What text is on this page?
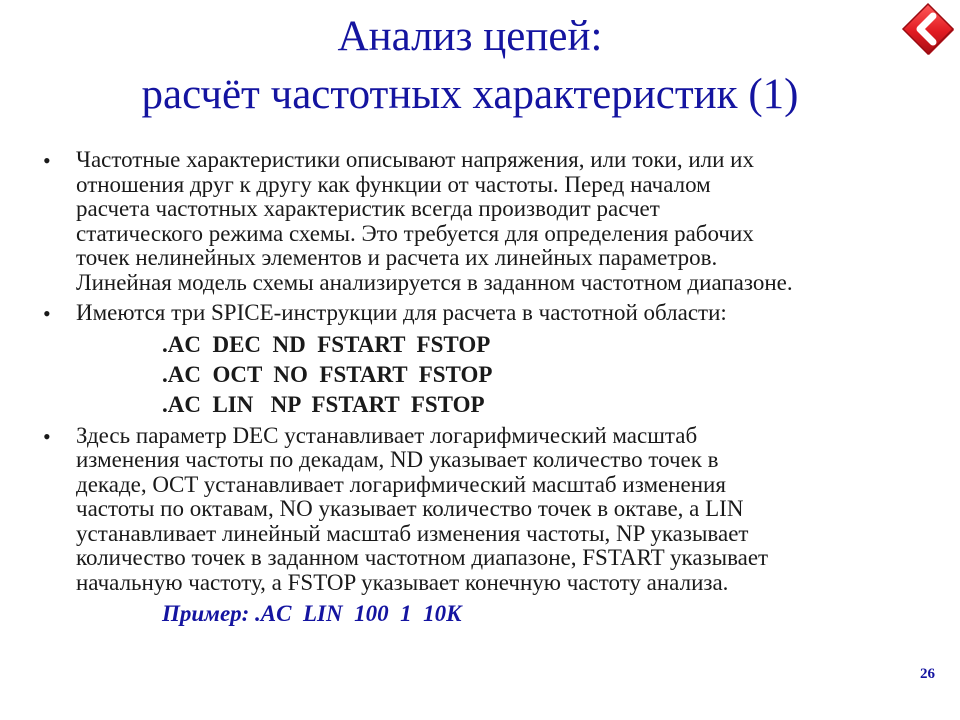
Анализ цепей:
расчёт частотных характеристик (1)
• Частотные характеристики описывают напряжения, или токи, или их
отношения друг к другу как функции от частоты. Перед началом
расчета частотных характеристик всегда производит расчет
статического режима схемы. Это требуется для определения рабочих
точек нелинейных элементов и расчета их линейных параметров.
Линейная модель схемы анализируется в заданном частотном диапазоне.
• Имеются три SPICE-инструкции для расчета в частотной области:
.AC  DEC  ND  FSTART  FSTOP
.AC  OCT  NO  FSTART  FSTOP
.AC  LIN   NP  FSTART  FSTOP
• Здесь параметр DEC устанавливает логарифмический масштаб
изменения частоты по декадам, ND указывает количество точек в
декаде, OCT устанавливает логарифмический масштаб изменения
частоты по октавам, NO указывает количество точек в октаве, а LIN
устанавливает линейный масштаб изменения частоты, NP указывает
количество точек в заданном частотном диапазоне, FSTART указывает
начальную частоту, а FSTOP указывает конечную частоту анализа.
Пример: .AC  LIN  100  1  10K
26
